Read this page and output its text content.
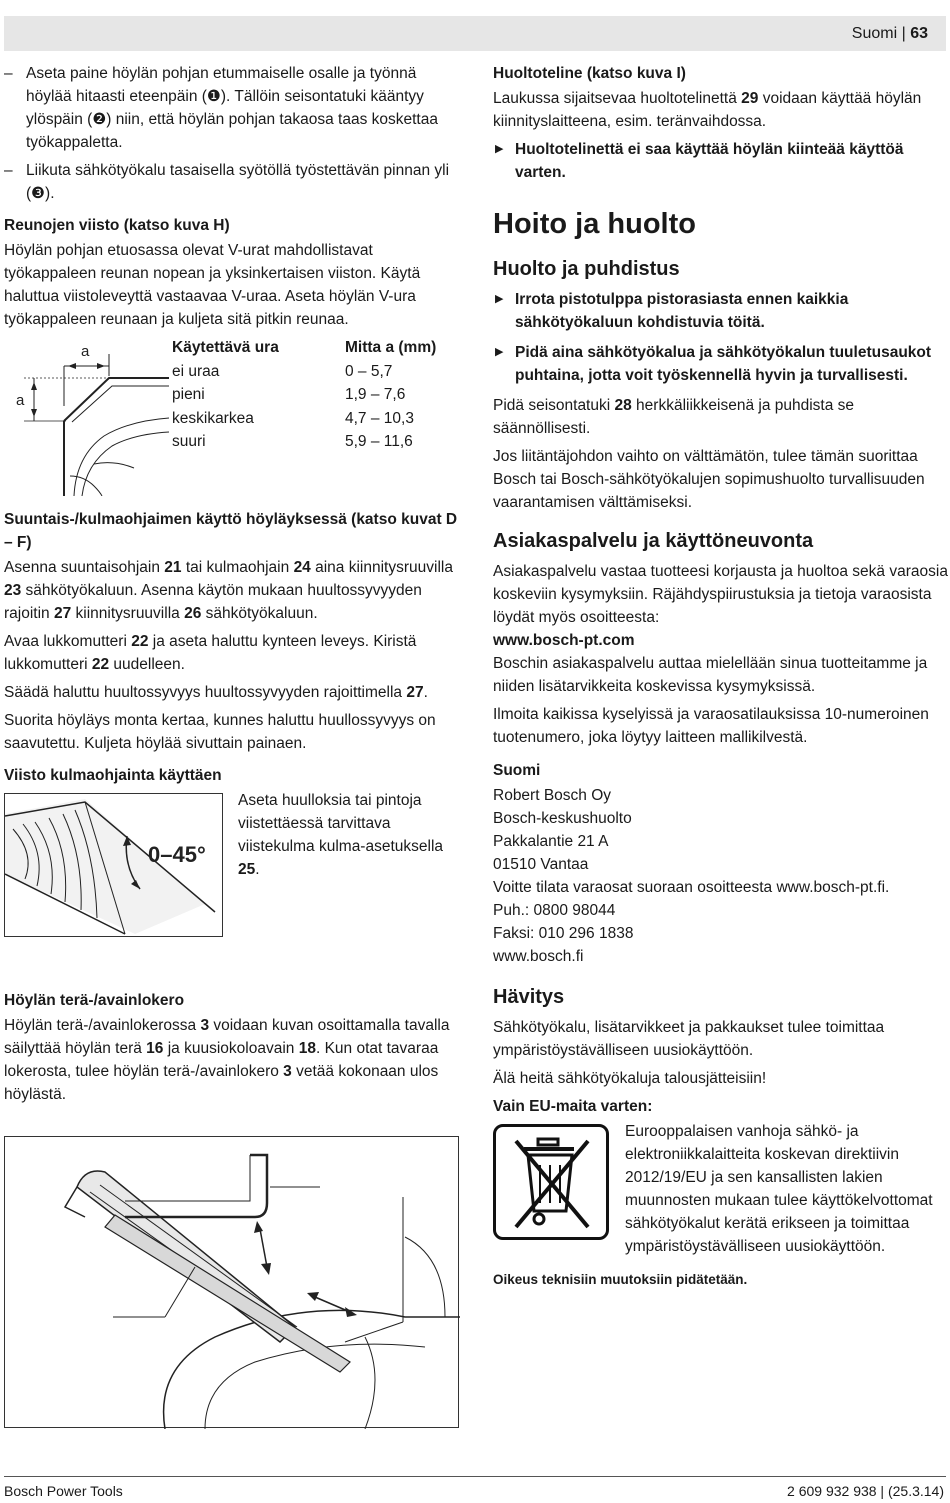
Suomi | 63

– Aseta paine höylän pohjan etummaiselle osalle ja työnnä höylää hitaasti eteenpäin (❶). Tällöin seisontatuki kääntyy ylöspäin (❷) niin, että höylän pohjan takaosa taas koskettaa työkappaletta.

– Liikuta sähkötyökalu tasaisella syötöllä työstettävän pinnan yli (❸).

Reunojen viisto (katso kuva H)

Höylän pohjan etuosassa olevat V-urat mahdollistavat työkappaleen reunan nopean ja yksinkertaisen viiston. Käytä haluttua viistoleveyttä vastaavaa V-uraa. Aseta höylän V-ura työkappaleen reunaan ja kuljeta sitä pitkin reunaa.

a
a
Käytettävä ura	Mitta a (mm)
ei uraa	0 – 5,7
pieni	1,9 – 7,6
keskikarkea	4,7 – 10,3
suuri	5,9 – 11,6
Suuntais-/kulmaohjaimen käyttö höyläyksessä (katso kuvat D – F)

Asenna suuntaisohjain 21 tai kulmaohjain 24 aina kiinnitysruuvilla 23 sähkötyökaluun. Asenna käytön mukaan huultossyvyyden rajoitin 27 kiinnitysruuvilla 26 sähkötyökaluun.

Avaa lukkomutteri 22 ja aseta haluttu kynteen leveys. Kiristä lukkomutteri 22 uudelleen.

Säädä haluttu huultossyvyys huultossyvyyden rajoittimella 27.

Suorita höyläys monta kertaa, kunnes haluttu huullossyvyys on saavutettu. Kuljeta höylää sivuttain painaen.

Viisto kulmaohjainta käyttäen
0–45°

Aseta huulloksia tai pintoja viistettäessä tarvittava viistekulma kulma-asetuksella 25.

Höylän terä-/avainlokero

Höylän terä-/avainlokerossa 3 voidaan kuvan osoittamalla tavalla säilyttää höylän terä 16 ja kuusiokoloavain 18. Kun otat tavaraa lokerosta, tulee höylän terä-/avainlokero 3 vetää kokonaan ulos höylästä.

Huoltoteline (katso kuva I)

Laukussa sijaitsevaa huoltotelinettä 29 voidaan käyttää höylän kiinnityslaitteena, esim. teränvaihdossa.

▶ Huoltotelinettä ei saa käyttää höylän kiinteää käyttöä varten.

Hoito ja huolto
Huolto ja puhdistus

▶ Irrota pistotulppa pistorasiasta ennen kaikkia sähkötyökaluun kohdistuvia töitä.

▶ Pidä aina sähkötyökalua ja sähkötyökalun tuuletusaukot puhtaina, jotta voit työskennellä hyvin ja turvallisesti.

Pidä seisontatuki 28 herkkäliikkeisenä ja puhdista se säännöllisesti.

Jos liitäntäjohdon vaihto on välttämätön, tulee tämän suorittaa Bosch tai Bosch-sähkötyökalujen sopimushuolto turvallisuuden vaarantamisen välttämiseksi.

Asiakaspalvelu ja käyttöneuvonta

Asiakaspalvelu vastaa tuotteesi korjausta ja huoltoa sekä varaosia koskeviin kysymyksiin. Räjähdyspiirustuksia ja tietoja varaosista löydät myös osoitteesta:

www.bosch-pt.com

Boschin asiakaspalvelu auttaa mielellään sinua tuotteitamme ja niiden lisätarvikkeita koskevissa kysymyksissä.

Ilmoita kaikissa kyselyissä ja varaosatilauksissa 10-numeroinen tuotenumero, joka löytyy laitteen mallikilvestä.

Suomi
Robert Bosch Oy
Bosch-keskushuolto
Pakkalantie 21 A
01510 Vantaa
Voitte tilata varaosat suoraan osoitteesta www.bosch-pt.fi.
Puh.: 0800 98044
Faksi: 010 296 1838
www.bosch.fi
Hävitys

Sähkötyökalu, lisätarvikkeet ja pakkaukset tulee toimittaa ympäristöystävälliseen uusiokäyttöön.

Älä heitä sähkötyökaluja talousjätteisiin!

Vain EU-maita varten:

Eurooppalaisen vanhoja sähkö- ja elektroniikkalaitteita koskevan direktiivin 2012/19/EU ja sen kansallisten lakien muunnosten mukaan tulee käyttökelvottomat sähkötyökalut kerätä erikseen ja toimittaa ympäristöystävälliseen uusiokäyttöön.

Oikeus teknisiin muutoksiin pidätetään.
Bosch Power Tools	2 609 932 938 | (25.3.14)
